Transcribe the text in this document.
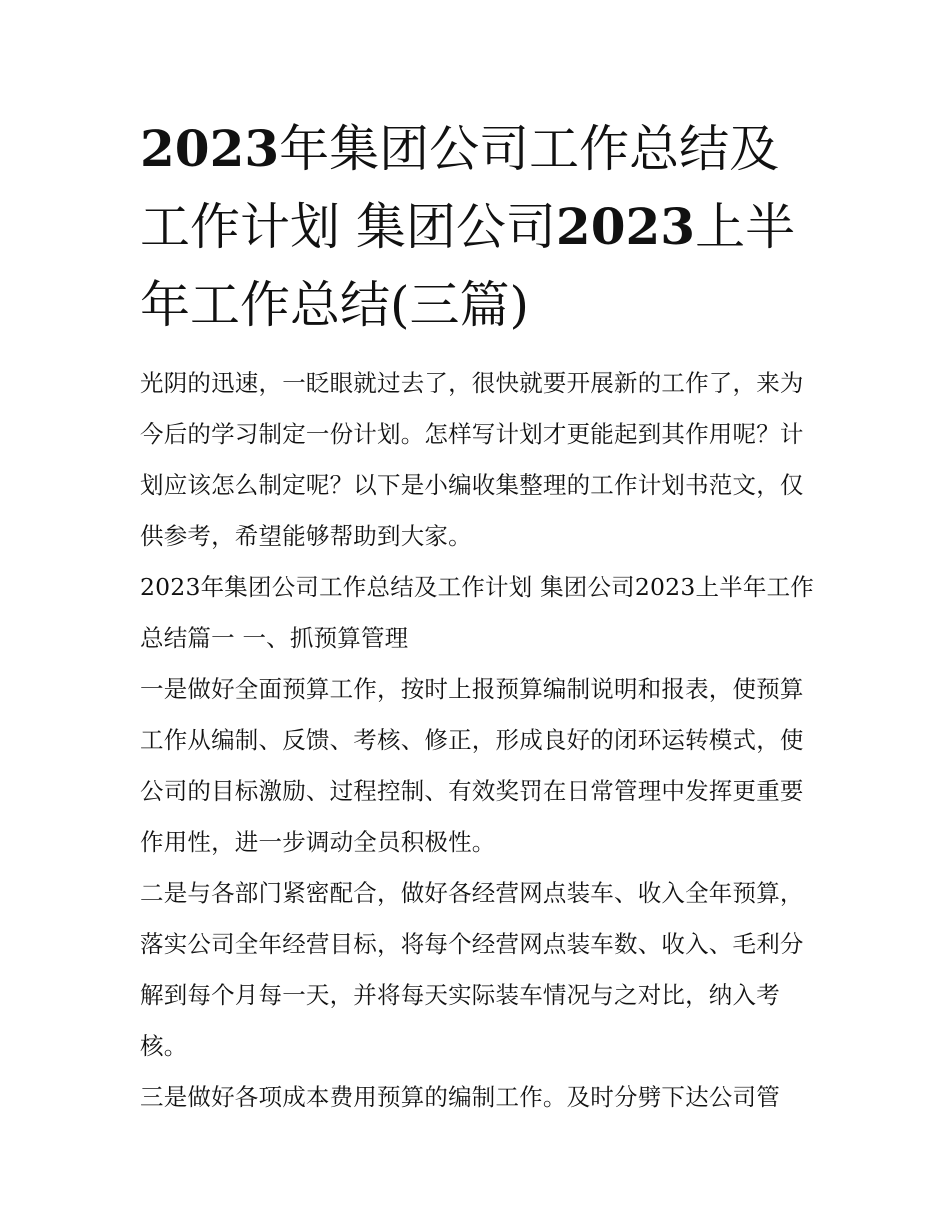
2023年集团公司工作总结及工作计划 集团公司2023上半年工作总结(三篇)

光阴的迅速，一眨眼就过去了，很快就要开展新的工作了，来为今后的学习制定一份计划。怎样写计划才更能起到其作用呢？计划应该怎么制定呢？以下是小编收集整理的工作计划书范文，仅供参考，希望能够帮助到大家。

2023年集团公司工作总结及工作计划 集团公司2023上半年工作总结篇一 一、抓预算管理

一是做好全面预算工作，按时上报预算编制说明和报表，使预算工作从编制、反馈、考核、修正，形成良好的闭环运转模式，使公司的目标激励、过程控制、有效奖罚在日常管理中发挥更重要作用性，进一步调动全员积极性。

二是与各部门紧密配合，做好各经营网点装车、收入全年预算，落实公司全年经营目标，将每个经营网点装车数、收入、毛利分解到每个月每一天，并将每天实际装车情况与之对比，纳入考核。

三是做好各项成本费用预算的编制工作。及时分劈下达公司管
